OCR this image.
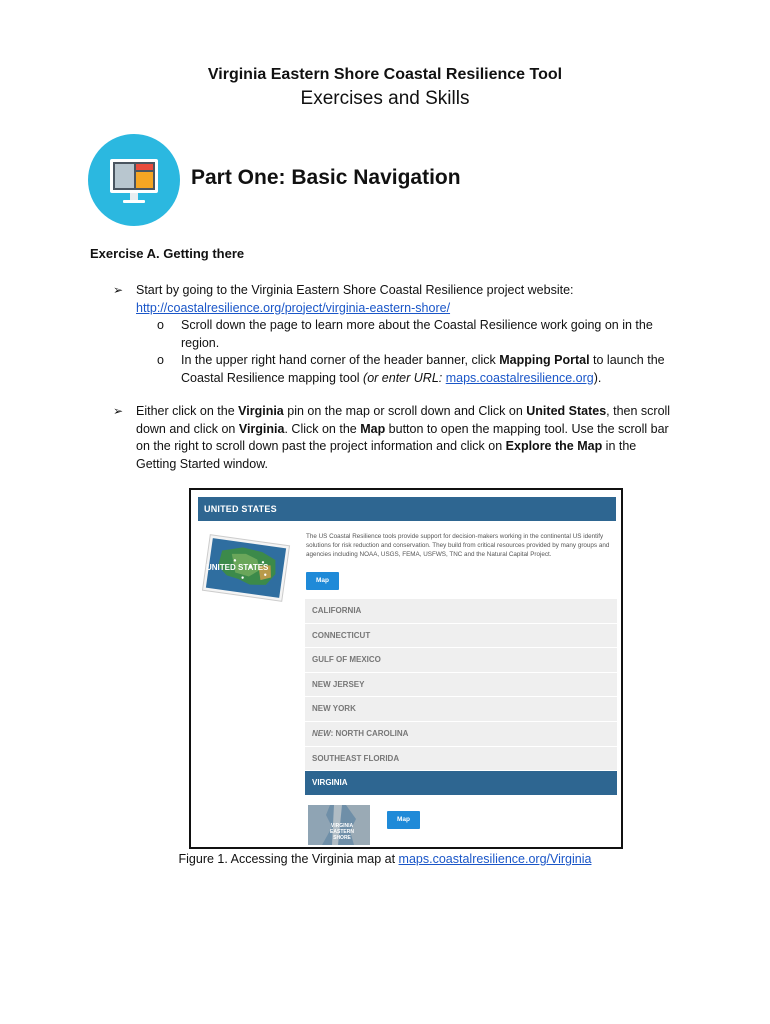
Virginia Eastern Shore Coastal Resilience Tool
Exercises and Skills
Part One: Basic Navigation
Exercise A. Getting there
➢ Start by going to the Virginia Eastern Shore Coastal Resilience project website:
http://coastalresilience.org/project/virginia-eastern-shore/
o Scroll down the page to learn more about the Coastal Resilience work going on in the region.
o In the upper right hand corner of the header banner, click Mapping Portal to launch the Coastal Resilience mapping tool (or enter URL: maps.coastalresilience.org).
➢ Either click on the Virginia pin on the map or scroll down and Click on United States, then scroll down and click on Virginia. Click on the Map button to open the mapping tool. Use the scroll bar on the right to scroll down past the project information and click on Explore the Map in the Getting Started window.
UNITED STATES
UNITED STATES
The US Coastal Resilience tools provide support for decision-makers working in the continental US identify solutions for risk reduction and conservation. They build from critical resources provided by many groups and agencies including NOAA, USGS, FEMA, USFWS, TNC and the Natural Capital Project.
Map
CALIFORNIA
CONNECTICUT
GULF OF MEXICO
NEW JERSEY
NEW YORK
NEW: NORTH CAROLINA
SOUTHEAST FLORIDA
VIRGINIA
VIRGINIA
EASTERN
SHORE
Map
Figure 1. Accessing the Virginia map at maps.coastalresilience.org/Virginia
